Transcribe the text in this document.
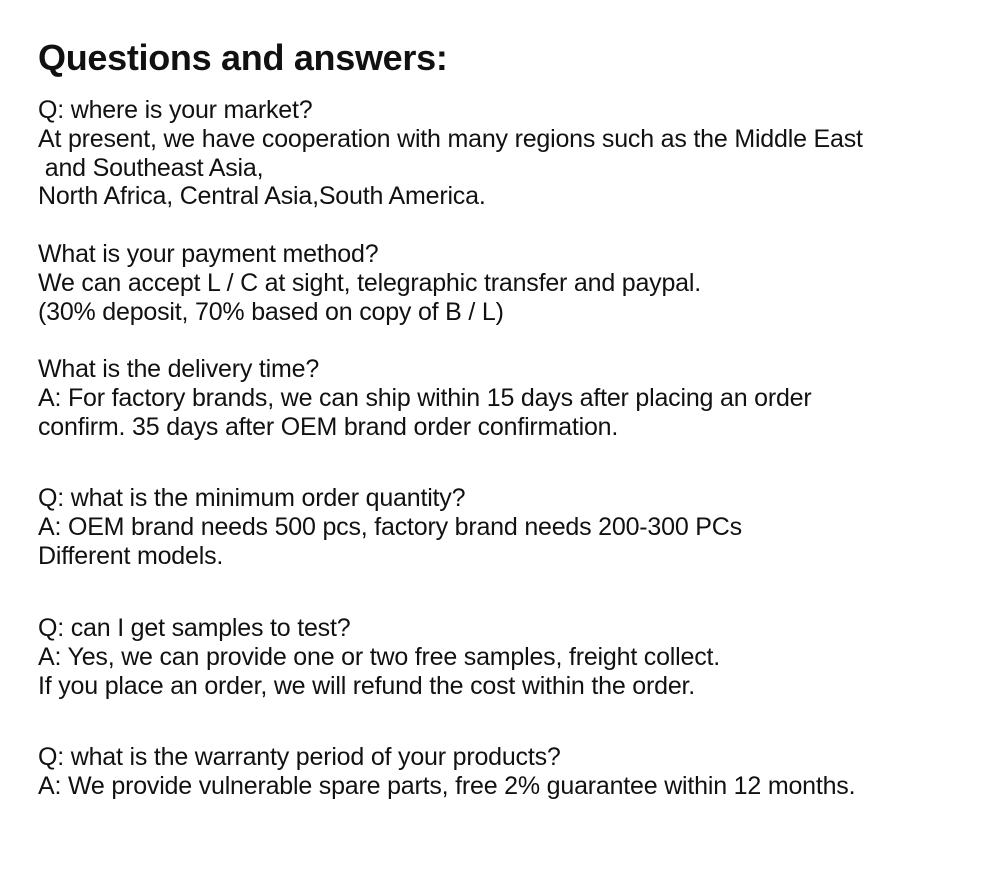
Questions and answers:
Q: where is your market?
At present, we have cooperation with many regions such as the Middle East
and Southeast Asia,
North Africa, Central Asia,South America.
What is your payment method?
We can accept L / C at sight, telegraphic transfer and paypal.
(30% deposit, 70% based on copy of B / L)
What is the delivery time?
A: For factory brands, we can ship within 15 days after placing an order
confirm. 35 days after OEM brand order confirmation.
Q: what is the minimum order quantity?
A: OEM brand needs 500 pcs, factory brand needs 200-300 PCs
Different models.
Q: can I get samples to test?
A: Yes, we can provide one or two free samples, freight collect.
If you place an order, we will refund the cost within the order.
Q: what is the warranty period of your products?
A: We provide vulnerable spare parts, free 2% guarantee within 12 months.
